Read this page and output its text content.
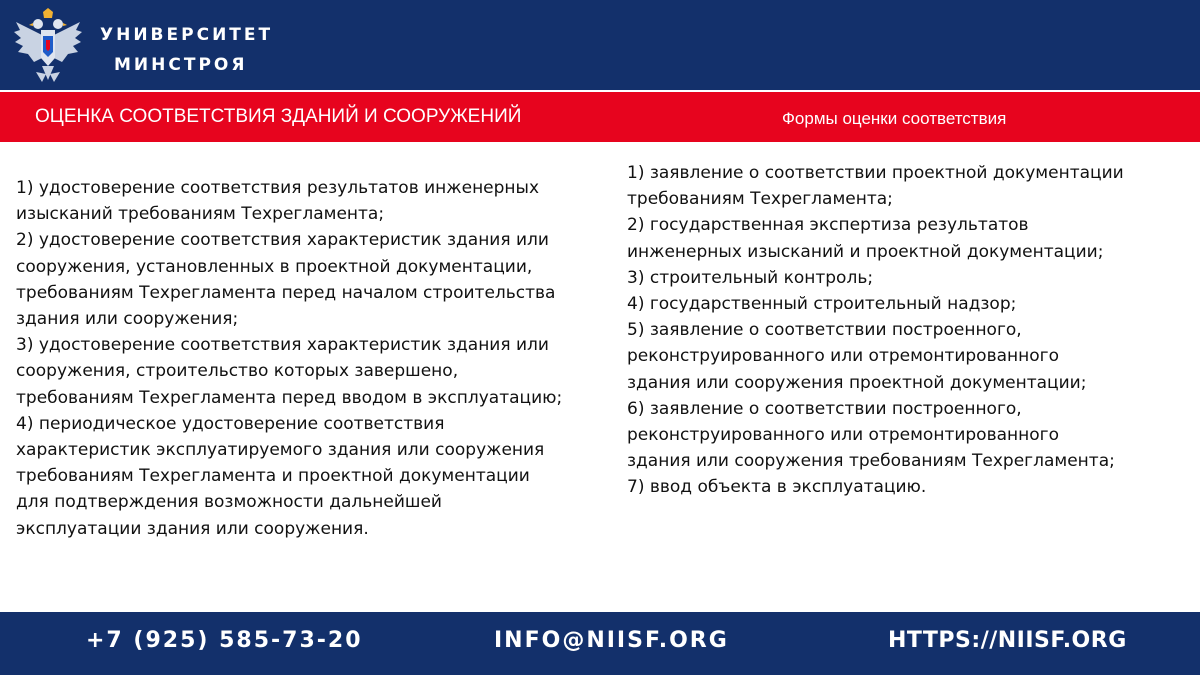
УНИВЕРСИТЕТ
МИНСТРОЯ
ОЦЕНКА СООТВЕТСТВИЯ ЗДАНИЙ И СООРУЖЕНИЙ	Формы оценки соответствия
1) удостоверение соответствия результатов инженерных
изысканий требованиям Техрегламента;
2) удостоверение соответствия характеристик здания или
сооружения, установленных в проектной документации,
требованиям Техрегламента перед началом строительства
здания или сооружения;
3) удостоверение соответствия характеристик здания или
сооружения, строительство которых завершено,
требованиям Техрегламента перед вводом в эксплуатацию;
4) периодическое удостоверение соответствия
характеристик эксплуатируемого здания или сооружения
требованиям Техрегламента и проектной документации
для подтверждения возможности дальнейшей
эксплуатации здания или сооружения.
1) заявление о соответствии проектной документации
требованиям Техрегламента;
2) государственная экспертиза результатов
инженерных изысканий и проектной документации;
3) строительный контроль;
4) государственный строительный надзор;
5) заявление о соответствии построенного,
реконструированного или отремонтированного
здания или сооружения проектной документации;
6) заявление о соответствии построенного,
реконструированного или отремонтированного
здания или сооружения требованиям Техрегламента;
7) ввод объекта в эксплуатацию.
+7 (925) 585-73-20	INFO@NIISF.ORG	HTTPS://NIISF.ORG
